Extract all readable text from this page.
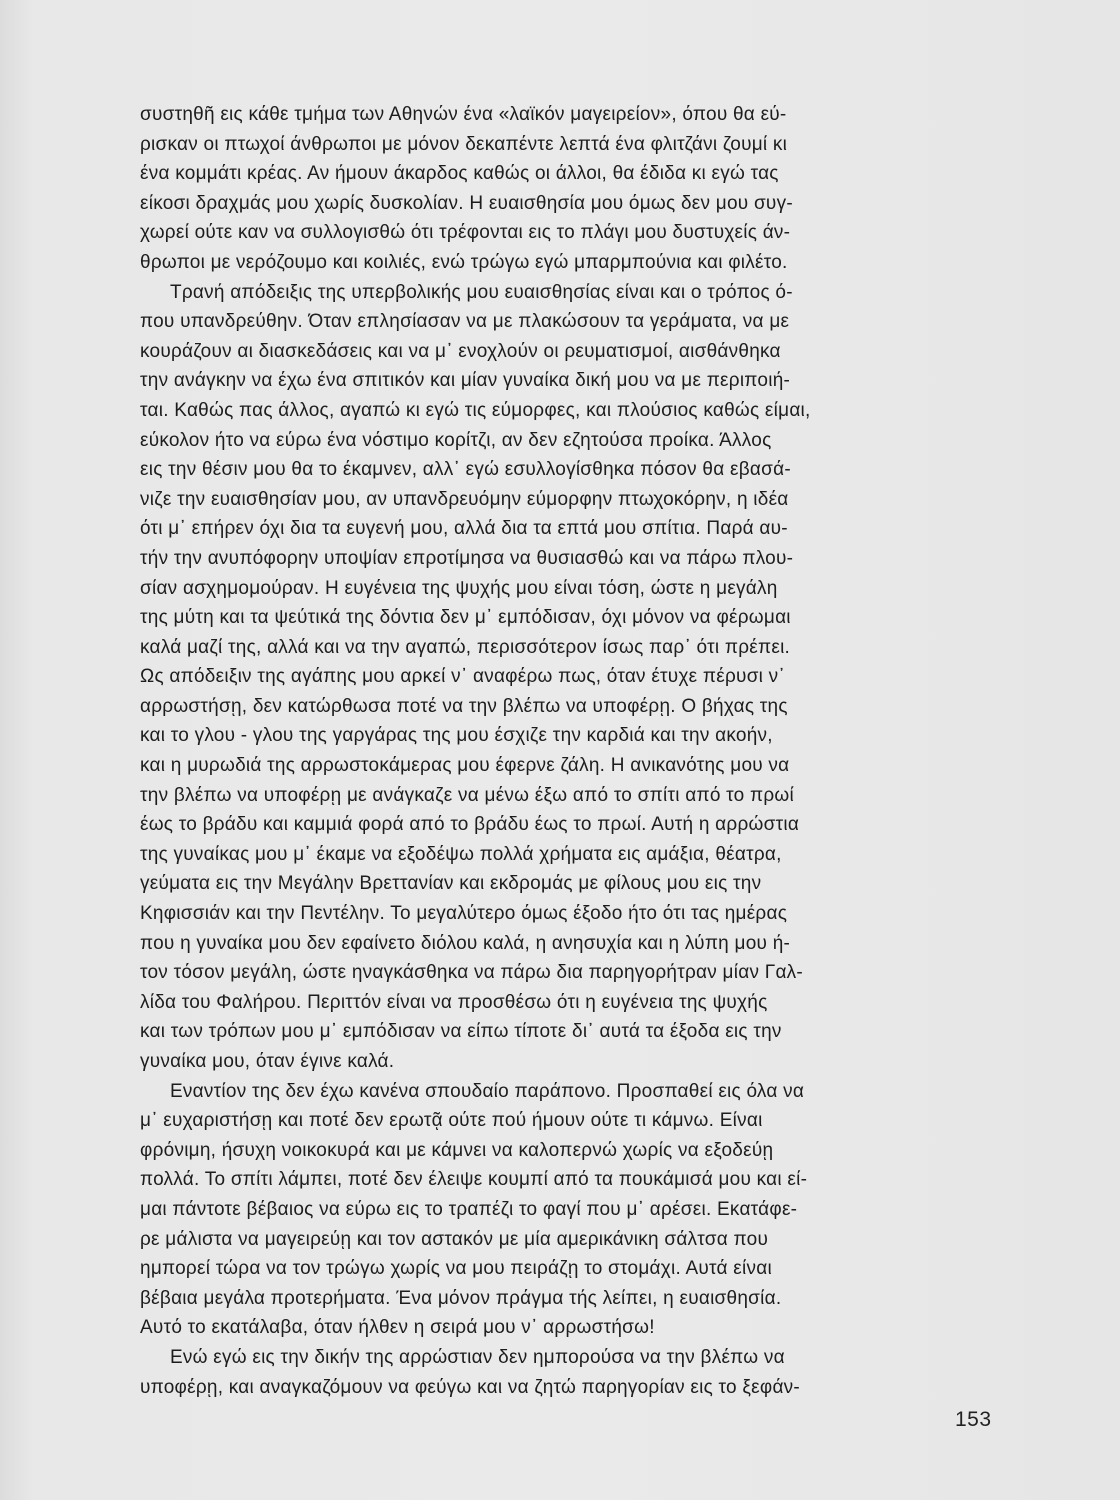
συστηθῆ εις κάθε τμήμα των Αθηνών ένα «λαϊκόν μαγειρείον», όπου θα εύ-
ρισκαν οι πτωχοί άνθρωποι με μόνον δεκαπέντε λεπτά ένα φλιτζάνι ζουμί κι
ένα κομμάτι κρέας. Αν ήμουν άκαρδος καθώς οι άλλοι, θα έδιδα κι εγώ τας
είκοσι δραχμάς μου χωρίς δυσκολίαν. Η ευαισθησία μου όμως δεν μου συγ-
χωρεί ούτε καν να συλλογισθώ ότι τρέφονται εις το πλάγι μου δυστυχείς άν-
θρωποι με νερόζουμο και κοιλιές, ενώ τρώγω εγώ μπαρμπούνια και φιλέτο.
Τρανή απόδειξις της υπερβολικής μου ευαισθησίας είναι και ο τρόπος ό-
που υπανδρεύθην. Όταν επλησίασαν να με πλακώσουν τα γεράματα, να με
κουράζουν αι διασκεδάσεις και να μ᾿ ενοχλούν οι ρευματισμοί, αισθάνθηκα
την ανάγκην να έχω ένα σπιτικόν και μίαν γυναίκα δική μου να με περιποιή-
ται. Καθώς πας άλλος, αγαπώ κι εγώ τις εύμορφες, και πλούσιος καθώς είμαι,
εύκολον ήτο να εύρω ένα νόστιμο κορίτζι, αν δεν εζητούσα προίκα. Άλλος
εις την θέσιν μου θα το έκαμνεν, αλλ᾿ εγώ εσυλλογίσθηκα πόσον θα εβασά-
νιζε την ευαισθησίαν μου, αν υπανδρευόμην εύμορφην πτωχοκόρην, η ιδέα
ότι μ᾿ επήρεν όχι δια τα ευγενή μου, αλλά δια τα επτά μου σπίτια. Παρά αυ-
τήν την ανυπόφορην υποψίαν επροτίμησα να θυσιασθώ και να πάρω πλου-
σίαν ασχημομούραν. Η ευγένεια της ψυχής μου είναι τόση, ώστε η μεγάλη
της μύτη και τα ψεύτικά της δόντια δεν μ᾿ εμπόδισαν, όχι μόνον να φέρωμαι
καλά μαζί της, αλλά και να την αγαπώ, περισσότερον ίσως παρ᾿ ότι πρέπει.
Ως απόδειξιν της αγάπης μου αρκεί ν᾿ αναφέρω πως, όταν έτυχε πέρυσι ν᾿
αρρωστήσῃ, δεν κατώρθωσα ποτέ να την βλέπω να υποφέρῃ. Ο βήχας της
και το γλου - γλου της γαργάρας της μου έσχιζε την καρδιά και την ακοήν,
και η μυρωδιά της αρρωστοκάμερας μου έφερνε ζάλη. Η ανικανότης μου να
την βλέπω να υποφέρῃ με ανάγκαζε να μένω έξω από το σπίτι από το πρωί
έως το βράδυ και καμμιά φορά από το βράδυ έως το πρωί. Αυτή η αρρώστια
της γυναίκας μου μ᾿ έκαμε να εξοδέψω πολλά χρήματα εις αμάξια, θέατρα,
γεύματα εις την Μεγάλην Βρεττανίαν και εκδρομάς με φίλους μου εις την
Κηφισσιάν και την Πεντέλην. Το μεγαλύτερο όμως έξοδο ήτο ότι τας ημέρας
που η γυναίκα μου δεν εφαίνετο διόλου καλά, η ανησυχία και η λύπη μου ή-
τον τόσον μεγάλη, ώστε ηναγκάσθηκα να πάρω δια παρηγορήτραν μίαν Γαλ-
λίδα του Φαλήρου. Περιττόν είναι να προσθέσω ότι η ευγένεια της ψυχής
και των τρόπων μου μ᾿ εμπόδισαν να είπω τίποτε δι᾿ αυτά τα έξοδα εις την
γυναίκα μου, όταν έγινε καλά.
Εναντίον της δεν έχω κανένα σπουδαίο παράπονο. Προσπαθεί εις όλα να
μ᾿ ευχαριστήσῃ και ποτέ δεν ερωτᾷ ούτε πού ήμουν ούτε τι κάμνω. Είναι
φρόνιμη, ήσυχη νοικοκυρά και με κάμνει να καλοπερνώ χωρίς να εξοδεύῃ
πολλά. Το σπίτι λάμπει, ποτέ δεν έλειψε κουμπί από τα πουκάμισά μου και εί-
μαι πάντοτε βέβαιος να εύρω εις το τραπέζι το φαγί που μ᾿ αρέσει. Εκατάφε-
ρε μάλιστα να μαγειρεύῃ και τον αστακόν με μία αμερικάνικη σάλτσα που
ημπορεί τώρα να τον τρώγω χωρίς να μου πειράζῃ το στομάχι. Αυτά είναι
βέβαια μεγάλα προτερήματα. Ένα μόνον πράγμα τής λείπει, η ευαισθησία.
Αυτό το εκατάλαβα, όταν ήλθεν η σειρά μου ν᾿ αρρωστήσω!
Ενώ εγώ εις την δικήν της αρρώστιαν δεν ημπορούσα να την βλέπω να
υποφέρῃ, και αναγκαζόμουν να φεύγω και να ζητώ παρηγορίαν εις το ξεφάν-
153
